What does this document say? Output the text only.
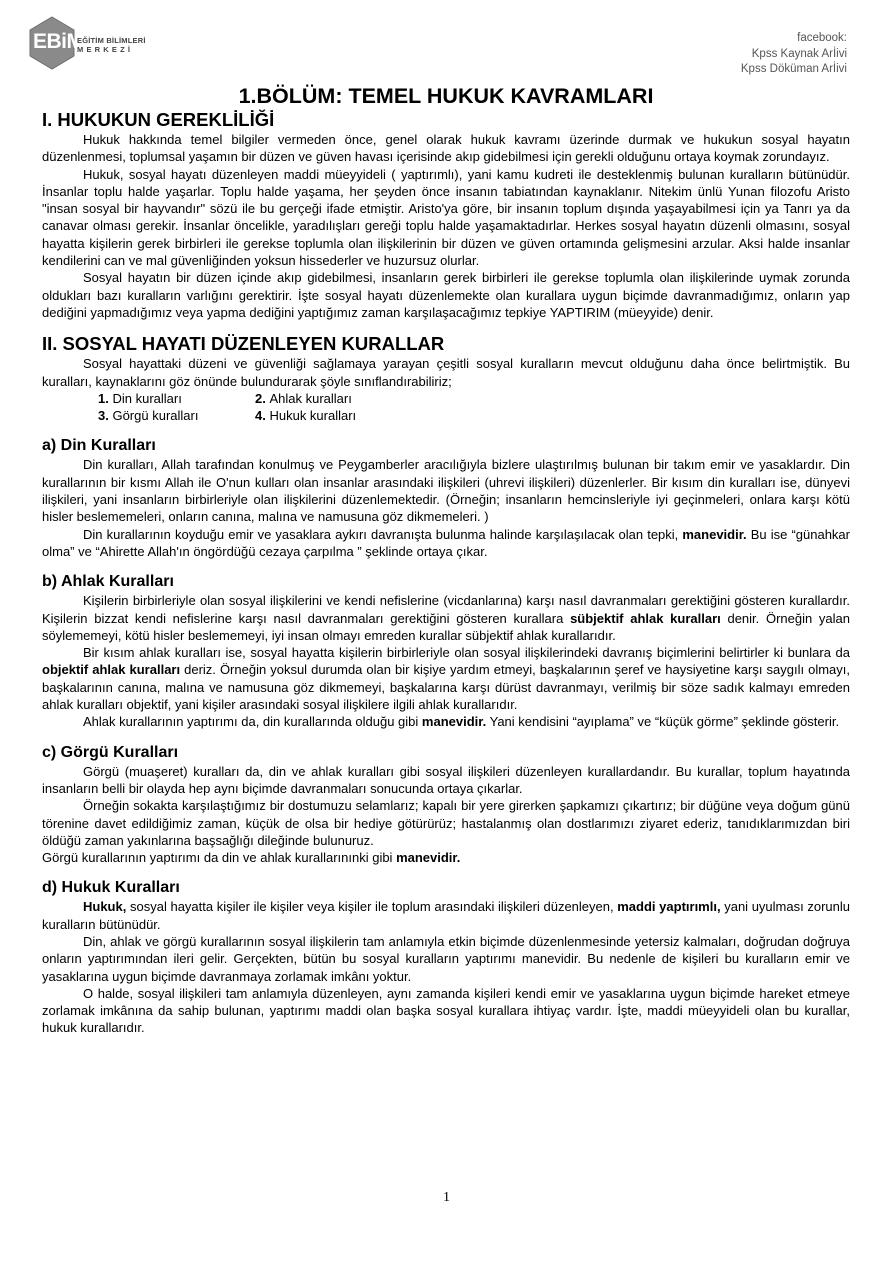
EBiM
EĞİTİM BİLİMLERİ
MERKEZİ
facebook:
Kpss Kaynak Arİivi
Kpss Döküman Arİivi
1.BÖLÜM: TEMEL HUKUK KAVRAMLARI
I. HUKUKUN GEREKLİLİĞİ

Hukuk hakkında temel bilgiler vermeden önce, genel olarak hukuk kavramı üzerinde durmak ve hukukun sosyal hayatın düzenlenmesi, toplumsal yaşamın bir düzen ve güven havası içerisinde akıp gidebilmesi için gerekli olduğunu ortaya koymak zorundayız.

Hukuk, sosyal hayatı düzenleyen maddi müeyyideli ( yaptırımlı), yani kamu kudreti ile desteklenmiş bulunan kuralların bütünüdür. İnsanlar toplu halde yaşarlar. Toplu halde yaşama, her şeyden önce insanın tabiatından kaynaklanır. Nitekim ünlü Yunan filozofu Aristo "insan sosyal bir hayvandır" sözü ile bu gerçeği ifade etmiştir. Aristo'ya göre, bir insanın toplum dışında yaşayabilmesi için ya Tanrı ya da canavar olması gerekir. İnsanlar öncelikle, yaradılışları gereği toplu halde yaşamaktadırlar. Herkes sosyal hayatın düzenli olmasını, sosyal hayatta kişilerin gerek birbirleri ile gerekse toplumla olan ilişkilerinin bir düzen ve güven ortamında gelişmesini arzular. Aksi halde insanlar kendilerini can ve mal güvenliğinden yoksun hissederler ve huzursuz olurlar.

Sosyal hayatın bir düzen içinde akıp gidebilmesi, insanların gerek birbirleri ile gerekse toplumla olan ilişkilerinde uymak zorunda oldukları bazı kuralların varlığını gerektirir. İşte sosyal hayatı düzenlemekte olan kurallara uygun biçimde davranmadığımız, onların yap dediğini yapmadığımız veya yapma dediğini yaptığımız zaman karşılaşacağımız tepkiye YAPTIRIM (müeyyide) denir.

II. SOSYAL HAYATI DÜZENLEYEN KURALLAR

Sosyal hayattaki düzeni ve güvenliği sağlamaya yarayan çeşitli sosyal kuralların mevcut olduğunu daha önce belirtmiştik. Bu kuralları, kaynaklarını göz önünde bulundurarak şöyle sınıflandırabiliriz;

1. Din kuralları	2. Ahlak kuralları
3. Görgü kuralları	4. Hukuk kuralları
a) Din Kuralları

Din kuralları, Allah tarafından konulmuş ve Peygamberler aracılığıyla bizlere ulaştırılmış bulunan bir takım emir ve yasaklardır. Din kurallarının bir kısmı Allah ile O'nun kulları olan insanlar arasındaki ilişkileri (uhrevi ilişkileri) düzenlerler. Bir kısım din kuralları ise, dünyevi ilişkileri, yani insanların birbirleriyle olan ilişkilerini düzenlemektedir. (Örneğin; insanların hemcinsleriyle iyi geçinmeleri, onlara karşı kötü hisler beslememeleri, onların canına, malına ve namusuna göz dikmemeleri. )

Din kurallarının koyduğu emir ve yasaklara aykırı davranışta bulunma halinde karşılaşılacak olan tepki, manevidir. Bu ise “günahkar olma” ve “Ahirette Allah'ın öngördüğü cezaya çarpılma ” şeklinde ortaya çıkar.

b) Ahlak Kuralları

Kişilerin birbirleriyle olan sosyal ilişkilerini ve kendi nefislerine (vicdanlarına) karşı nasıl davranmaları gerektiğini gösteren kurallardır. Kişilerin bizzat kendi nefislerine karşı nasıl davranmaları gerektiğini gösteren kurallara sübjektif ahlak kuralları denir. Örneğin yalan söylememeyi, kötü hisler beslememeyi, iyi insan olmayı emreden kurallar sübjektif ahlak kurallarıdır.

Bir kısım ahlak kuralları ise, sosyal hayatta kişilerin birbirleriyle olan sosyal ilişkilerindeki davranış biçimlerini belirtirler ki bunlara da objektif ahlak kuralları deriz. Örneğin yoksul durumda olan bir kişiye yardım etmeyi, başkalarının şeref ve haysiyetine karşı saygılı olmayı, başkalarının canına, malına ve namusuna göz dikmemeyi, başkalarına karşı dürüst davranmayı, verilmiş bir söze sadık kalmayı emreden ahlak kuralları objektif, yani kişiler arasındaki sosyal ilişkilere ilgili ahlak kurallarıdır.

Ahlak kurallarının yaptırımı da, din kurallarında olduğu gibi manevidir. Yani kendisini “ayıplama” ve “küçük görme” şeklinde gösterir.

c) Görgü Kuralları

Görgü (muaşeret) kuralları da, din ve ahlak kuralları gibi sosyal ilişkileri düzenleyen kurallardandır. Bu kurallar, toplum hayatında insanların belli bir olayda hep aynı biçimde davranmaları sonucunda ortaya çıkarlar.

Örneğin sokakta karşılaştığımız bir dostumuzu selamlarız; kapalı bir yere girerken şapkamızı çıkartırız; bir düğüne veya doğum günü törenine davet edildiğimiz zaman, küçük de olsa bir hediye götürürüz; hastalanmış olan dostlarımızı ziyaret ederiz, tanıdıklarımızdan biri öldüğü zaman yakınlarına başsağlığı dileğinde bulunuruz.

Görgü kurallarının yaptırımı da din ve ahlak kurallarınınki gibi manevidir.

d) Hukuk Kuralları

Hukuk, sosyal hayatta kişiler ile kişiler veya kişiler ile toplum arasındaki ilişkileri düzenleyen, maddi yaptırımlı, yani uyulması zorunlu kuralların bütünüdür.

Din, ahlak ve görgü kurallarının sosyal ilişkilerin tam anlamıyla etkin biçimde düzenlenmesinde yetersiz kalmaları, doğrudan doğruya onların yaptırımından ileri gelir. Gerçekten, bütün bu sosyal kuralların yaptırımı manevidir. Bu nedenle de kişileri bu kuralların emir ve yasaklarına uygun biçimde davranmaya zorlamak imkânı yoktur.

O halde, sosyal ilişkileri tam anlamıyla düzenleyen, aynı zamanda kişileri kendi emir ve yasaklarına uygun biçimde hareket etmeye zorlamak imkânına da sahip bulunan, yaptırımı maddi olan başka sosyal kurallara ihtiyaç vardır. İşte, maddi müeyyideli olan bu kurallar, hukuk kurallarıdır.

1
